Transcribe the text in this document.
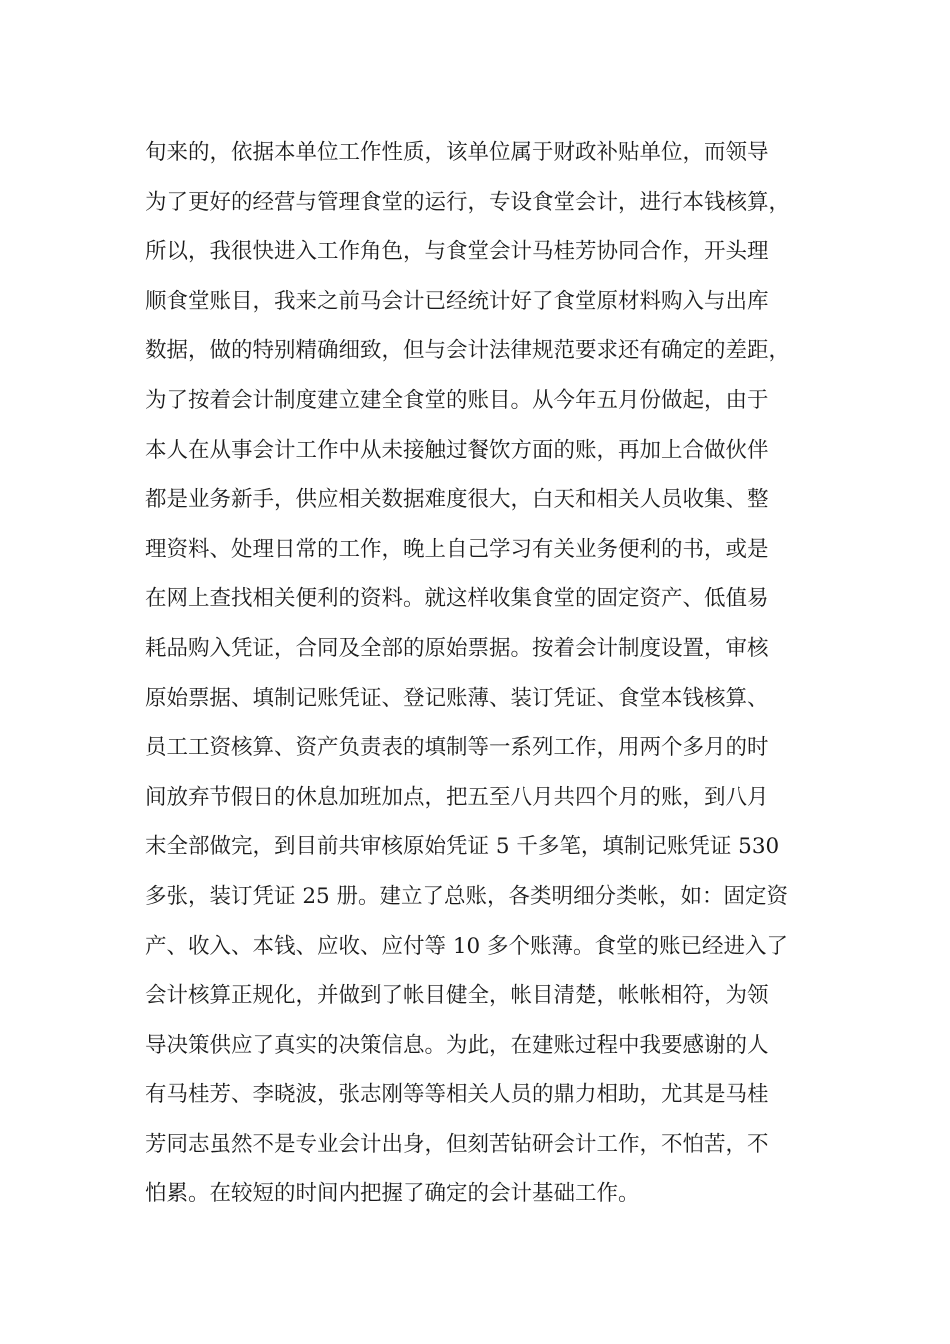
旬来的，依据本单位工作性质，该单位属于财政补贴单位，而领导
为了更好的经营与管理食堂的运行，专设食堂会计，进行本钱核算，
所以，我很快进入工作角色，与食堂会计马桂芳协同合作，开头理
顺食堂账目，我来之前马会计已经统计好了食堂原材料购入与出库
数据，做的特别精确细致，但与会计法律规范要求还有确定的差距，
为了按着会计制度建立建全食堂的账目。从今年五月份做起，由于
本人在从事会计工作中从未接触过餐饮方面的账，再加上合做伙伴
都是业务新手，供应相关数据难度很大，白天和相关人员收集、整
理资料、处理日常的工作，晚上自己学习有关业务便利的书，或是
在网上查找相关便利的资料。就这样收集食堂的固定资产、低值易
耗品购入凭证，合同及全部的原始票据。按着会计制度设置，审核
原始票据、填制记账凭证、登记账薄、装订凭证、食堂本钱核算、
员工工资核算、资产负责表的填制等一系列工作，用两个多月的时
间放弃节假日的休息加班加点，把五至八月共四个月的账，到八月
末全部做完，到目前共审核原始凭证 5 千多笔，填制记账凭证 530
多张，装订凭证 25 册。建立了总账，各类明细分类帐，如：固定资
产、收入、本钱、应收、应付等 10 多个账薄。食堂的账已经进入了
会计核算正规化，并做到了帐目健全，帐目清楚，帐帐相符，为领
导决策供应了真实的决策信息。为此，在建账过程中我要感谢的人
有马桂芳、李晓波，张志刚等等相关人员的鼎力相助，尤其是马桂
芳同志虽然不是专业会计出身，但刻苦钻研会计工作，不怕苦，不
怕累。在较短的时间内把握了确定的会计基础工作。
